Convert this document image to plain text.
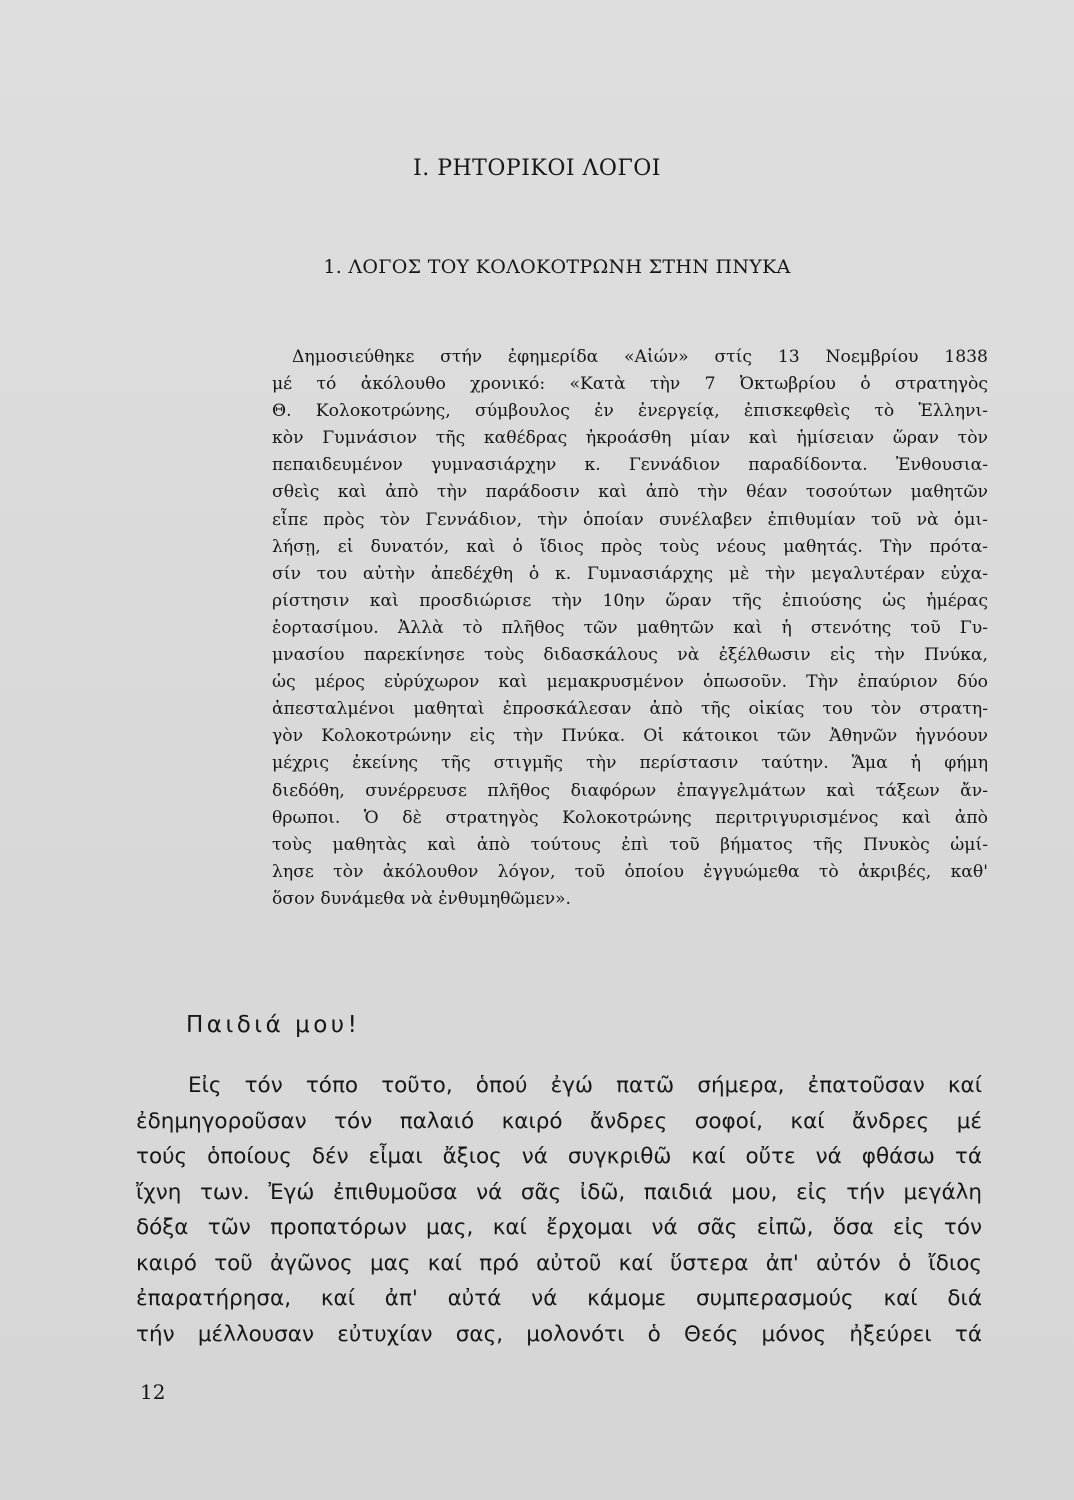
I. ΡΗΤΟΡΙΚΟΙ ΛΟΓΟΙ
1. ΛΟΓΟΣ ΤΟΥ ΚΟΛΟΚΟΤΡΩΝΗ ΣΤΗΝ ΠΝΥΚΑ
Δημοσιεύθηκε στήν ἐφημερίδα «Αἰών» στίς 13 Νοεμβρίου 1838
μέ τό ἀκόλουθο χρονικό: «Κατὰ τὴν 7 Ὀκτωβρίου ὁ στρατηγὸς
Θ. Κολοκοτρώνης, σύμβουλος ἐν ἐνεργείᾳ, ἐπισκεφθεὶς τὸ Ἑλληνι-
κὸν Γυμνάσιον τῆς καθέδρας ἠκροάσθη μίαν καὶ ἡμίσειαν ὥραν τὸν
πεπαιδευμένον γυμνασιάρχην κ. Γεννάδιον παραδίδοντα. Ἐνθουσια-
σθεὶς καὶ ἀπὸ τὴν παράδοσιν καὶ ἀπὸ τὴν θέαν τοσούτων μαθητῶν
εἶπε πρὸς τὸν Γεννάδιον, τὴν ὁποίαν συνέλαβεν ἐπιθυμίαν τοῦ νὰ ὁμι-
λήσῃ, εἰ δυνατόν, καὶ ὁ ἴδιος πρὸς τοὺς νέους μαθητάς. Τὴν πρότα-
σίν του αὐτὴν ἀπεδέχθη ὁ κ. Γυμνασιάρχης μὲ τὴν μεγαλυτέραν εὐχα-
ρίστησιν καὶ προσδιώρισε τὴν 10ην ὥραν τῆς ἐπιούσης ὡς ἡμέρας
ἑορτασίμου. Ἀλλὰ τὸ πλῆθος τῶν μαθητῶν καὶ ἡ στενότης τοῦ Γυ-
μνασίου παρεκίνησε τοὺς διδασκάλους νὰ ἐξέλθωσιν εἰς τὴν Πνύκα,
ὡς μέρος εὐρύχωρον καὶ μεμακρυσμένον ὁπωσοῦν. Τὴν ἐπαύριον δύο
ἀπεσταλμένοι μαθηταὶ ἐπροσκάλεσαν ἀπὸ τῆς οἰκίας του τὸν στρατη-
γὸν Κολοκοτρώνην εἰς τὴν Πνύκα. Οἱ κάτοικοι τῶν Ἀθηνῶν ἠγνόουν
μέχρις ἐκείνης τῆς στιγμῆς τὴν περίστασιν ταύτην. Ἅμα ἡ φήμη
διεδόθη, συνέρρευσε πλῆθος διαφόρων ἐπαγγελμάτων καὶ τάξεων ἄν-
θρωποι. Ὁ δὲ στρατηγὸς Κολοκοτρώνης περιτριγυρισμένος καὶ ἀπὸ
τοὺς μαθητὰς καὶ ἀπὸ τούτους ἐπὶ τοῦ βήματος τῆς Πνυκὸς ὡμί-
λησε τὸν ἀκόλουθον λόγον, τοῦ ὁποίου ἐγγυώμεθα τὸ ἀκριβές, καθ'
ὅσον δυνάμεθα νὰ ἐνθυμηθῶμεν».

Παιδιά μου!

Εἰς τόν τόπο τοῦτο, ὁπού ἐγώ πατῶ σήμερα, ἐπατοῦσαν καί
ἐδημηγοροῦσαν τόν παλαιό καιρό ἄνδρες σοφοί, καί ἄνδρες μέ
τούς ὁποίους δέν εἶμαι ἄξιος νά συγκριθῶ καί οὔτε νά φθάσω τά
ἴχνη των. Ἐγώ ἐπιθυμοῦσα νά σᾶς ἰδῶ, παιδιά μου, εἰς τήν μεγάλη
δόξα τῶν προπατόρων μας, καί ἔρχομαι νά σᾶς εἰπῶ, ὅσα εἰς τόν
καιρό τοῦ ἀγῶνος μας καί πρό αὐτοῦ καί ὕστερα ἀπ' αὐτόν ὁ ἴδιος
ἐπαρατήρησα, καί ἀπ' αὐτά νά κάμομε συμπερασμούς καί διά
τήν μέλλουσαν εὐτυχίαν σας, μολονότι ὁ Θεός μόνος ἠξεύρει τά

12
